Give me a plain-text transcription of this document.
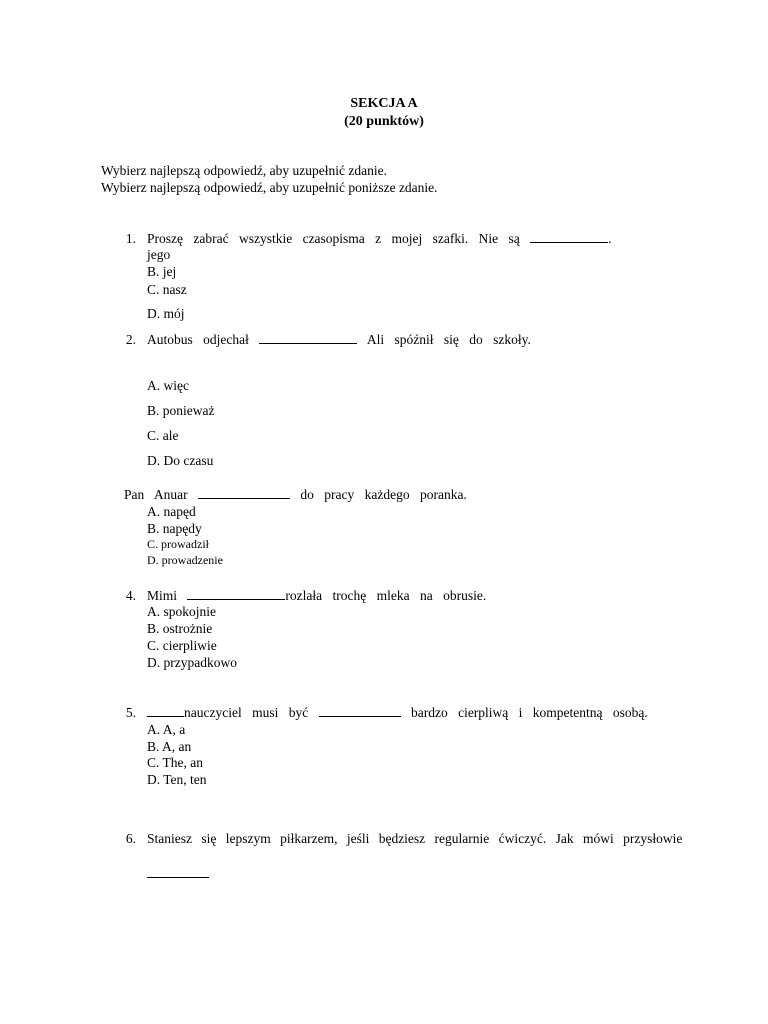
SEKCJA A
(20 punktów)
Wybierz najlepszą odpowiedź, aby uzupełnić zdanie.
Wybierz najlepszą odpowiedź, aby uzupełnić poniższe zdanie.
1. Proszę zabrać wszystkie czasopisma z mojej szafki. Nie są	.
jego
B. jej
C. nasz
D. mój
2. Autobus odjechał	Ali spóźnił się do szkoły.
A. więc
B. ponieważ
C. ale
D. Do czasu
Pan Anuar	do pracy każdego poranka.
A. napęd
B. napędy
C. prowadził
D. prowadzenie
4. Mimi	rozlała trochę mleka na obrusie.
A. spokojnie
B. ostrożnie
C. cierpliwie
D. przypadkowo
5.	nauczyciel musi być	bardzo cierpliwą i kompetentną osobą.
A. A, a
B. A, an
C. The, an
D. Ten, ten
6. Staniesz się lepszym piłkarzem, jeśli będziesz regularnie ćwiczyć. Jak mówi przysłowie
